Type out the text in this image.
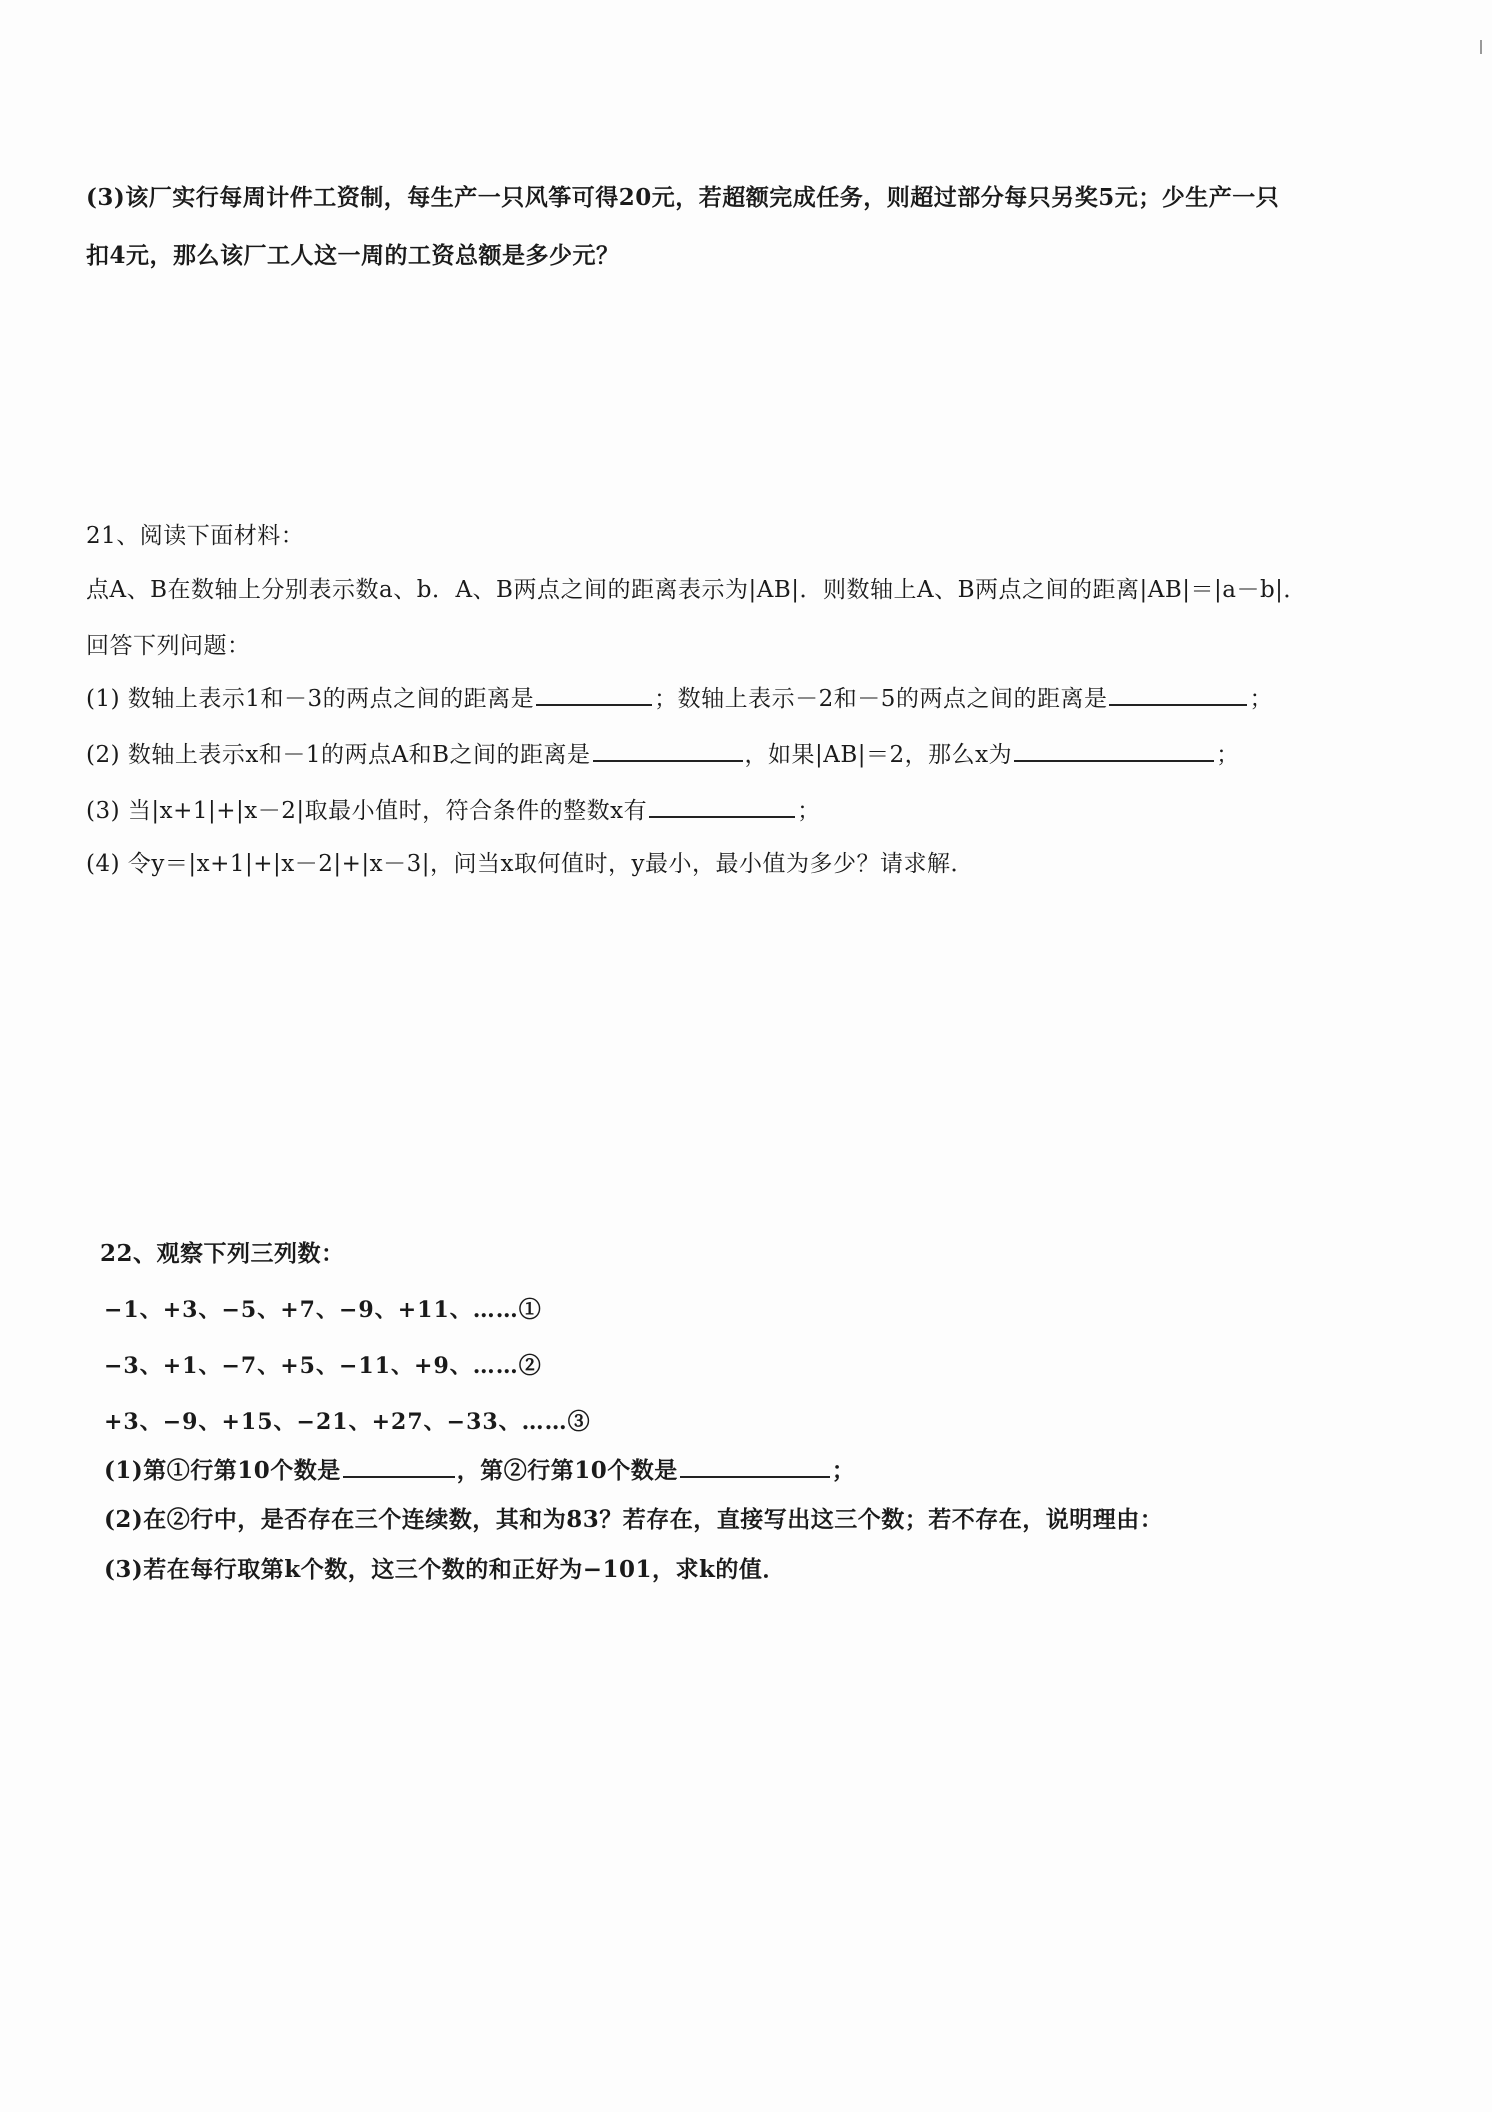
(3)该厂实行每周计件工资制，每生产一只风筝可得20元，若超额完成任务，则超过部分每只另奖5元；少生产一只
扣4元，那么该厂工人这一周的工资总额是多少元？
21、阅读下面材料：
点A、B在数轴上分别表示数a、b．A、B两点之间的距离表示为|AB|．则数轴上A、B两点之间的距离|AB|＝|a－b|．
回答下列问题：
(1) 数轴上表示1和－3的两点之间的距离是	；数轴上表示－2和－5的两点之间的距离是	；
(2) 数轴上表示x和－1的两点A和B之间的距离是	，如果|AB|＝2，那么x为	；
(3) 当|x+1|+|x－2|取最小值时，符合条件的整数x有	；
(4) 令y＝|x+1|+|x－2|+|x－3|，问当x取何值时，y最小，最小值为多少？请求解．
22、观察下列三列数：
−1、+3、−5、+7、−9、+11、……①
−3、+1、−7、+5、−11、+9、……②
+3、−9、+15、−21、+27、−33、……③
(1)第①行第10个数是	，第②行第10个数是	；
(2)在②行中，是否存在三个连续数，其和为83？若存在，直接写出这三个数；若不存在，说明理由：
(3)若在每行取第k个数，这三个数的和正好为−101，求k的值．
